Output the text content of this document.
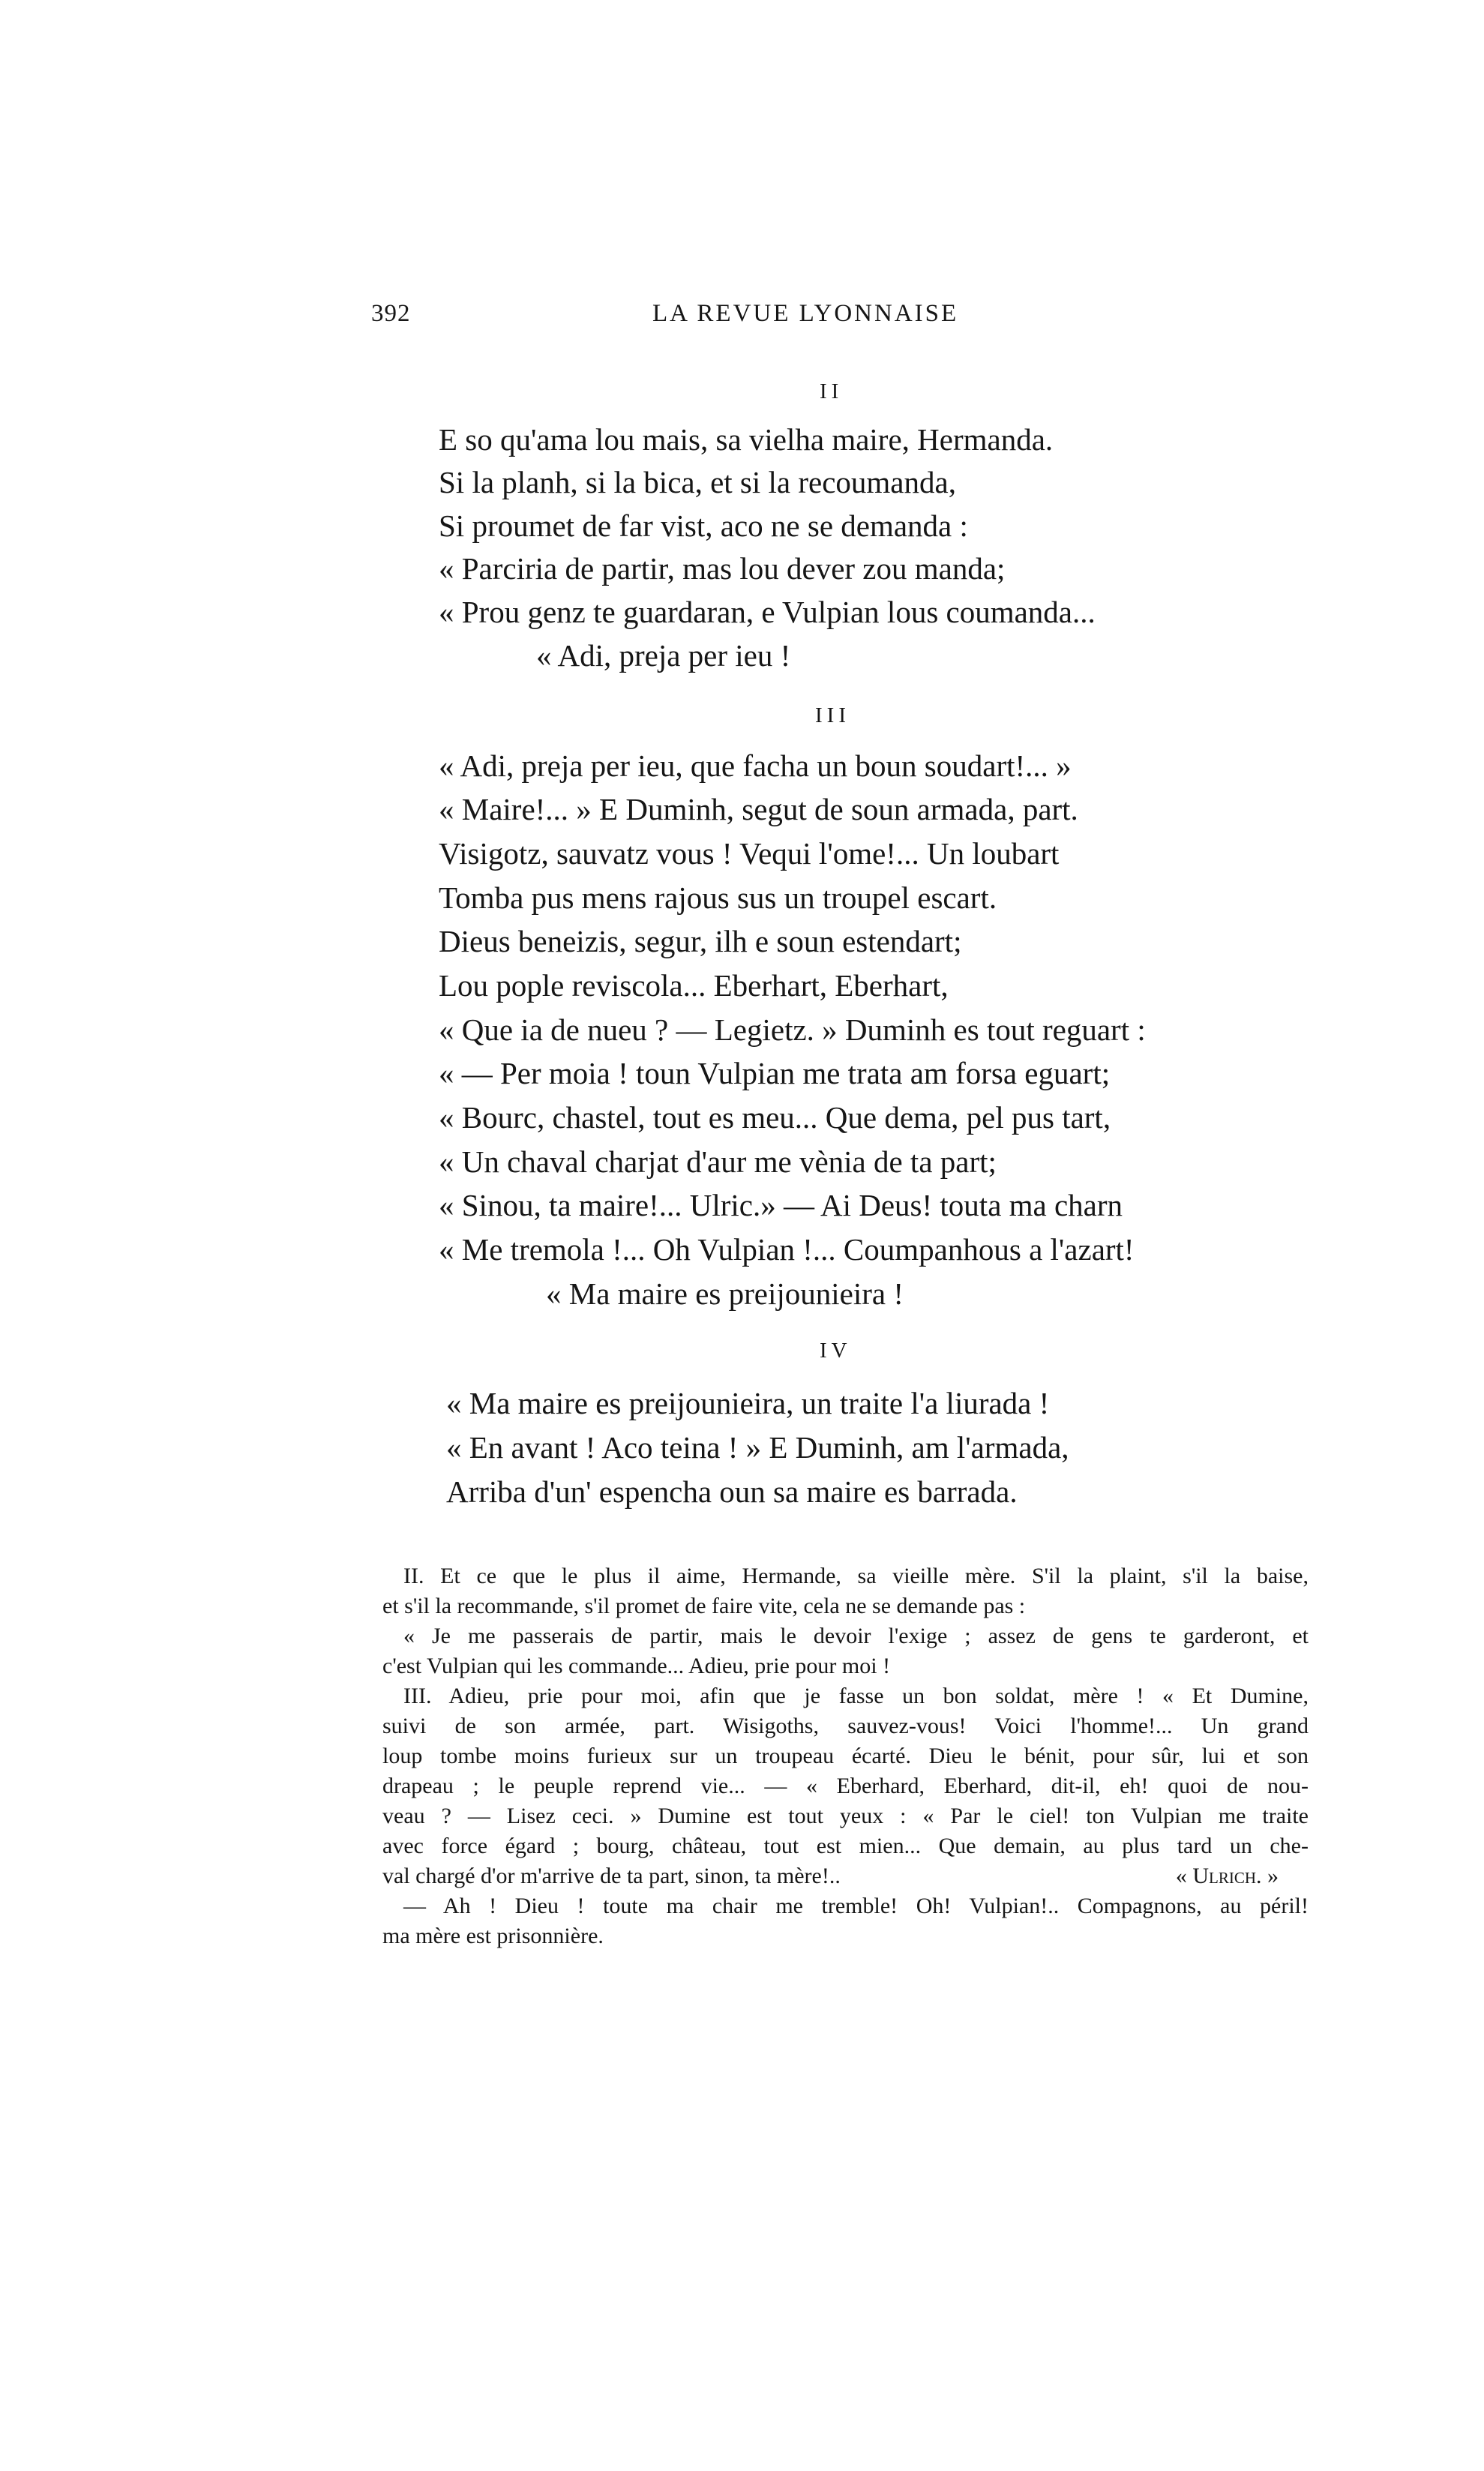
392	LA REVUE LYONNAISE
II
E so qu'ama lou mais, sa vielha maire, Hermanda.
Si la planh, si la bica, et si la recoumanda,
Si proumet de far vist, aco ne se demanda :
« Parciria de partir, mas lou dever zou manda;
« Prou genz te guardaran, e Vulpian lous coumanda...
« Adi, preja per ieu !
III
« Adi, preja per ieu, que facha un boun soudart!... »
« Maire!... » E Duminh, segut de soun armada, part.
Visigotz, sauvatz vous ! Vequi l'ome!... Un loubart
Tomba pus mens rajous sus un troupel escart.
Dieus beneizis, segur, ilh e soun estendart;
Lou pople reviscola... Eberhart, Eberhart,
« Que ia de nueu ? — Legietz. » Duminh es tout reguart :
« — Per moia ! toun Vulpian me trata am forsa eguart;
« Bourc, chastel, tout es meu... Que dema, pel pus tart,
« Un chaval charjat d'aur me vènia de ta part;
« Sinou, ta maire!... Ulric.» — Ai Deus! touta ma charn
« Me tremola !... Oh Vulpian !... Coumpanhous a l'azart!
« Ma maire es preijounieira !
IV
« Ma maire es preijounieira, un traite l'a liurada !
« En avant ! Aco teina ! » E Duminh, am l'armada,
Arriba d'un' espencha oun sa maire es barrada.
II. Et ce que le plus il aime, Hermande, sa vieille mère. S'il la plaint, s'il la baise,
et s'il la recommande, s'il promet de faire vite, cela ne se demande pas :
« Je me passerais de partir, mais le devoir l'exige ; assez de gens te garderont, et
c'est Vulpian qui les commande... Adieu, prie pour moi !
III. Adieu, prie pour moi, afin que je fasse un bon soldat, mère ! « Et Dumine,
suivi de son armée, part. Wisigoths, sauvez-vous! Voici l'homme!... Un grand
loup tombe moins furieux sur un troupeau écarté. Dieu le bénit, pour sûr, lui et son
drapeau ; le peuple reprend vie... — « Eberhard, Eberhard, dit-il, eh! quoi de nou-
veau ? — Lisez ceci. » Dumine est tout yeux : « Par le ciel! ton Vulpian me traite
avec force égard ; bourg, château, tout est mien... Que demain, au plus tard un che-
val chargé d'or m'arrive de ta part, sinon, ta mère!..	« Ulrich. »
— Ah ! Dieu ! toute ma chair me tremble! Oh! Vulpian!.. Compagnons, au péril!
ma mère est prisonnière.
